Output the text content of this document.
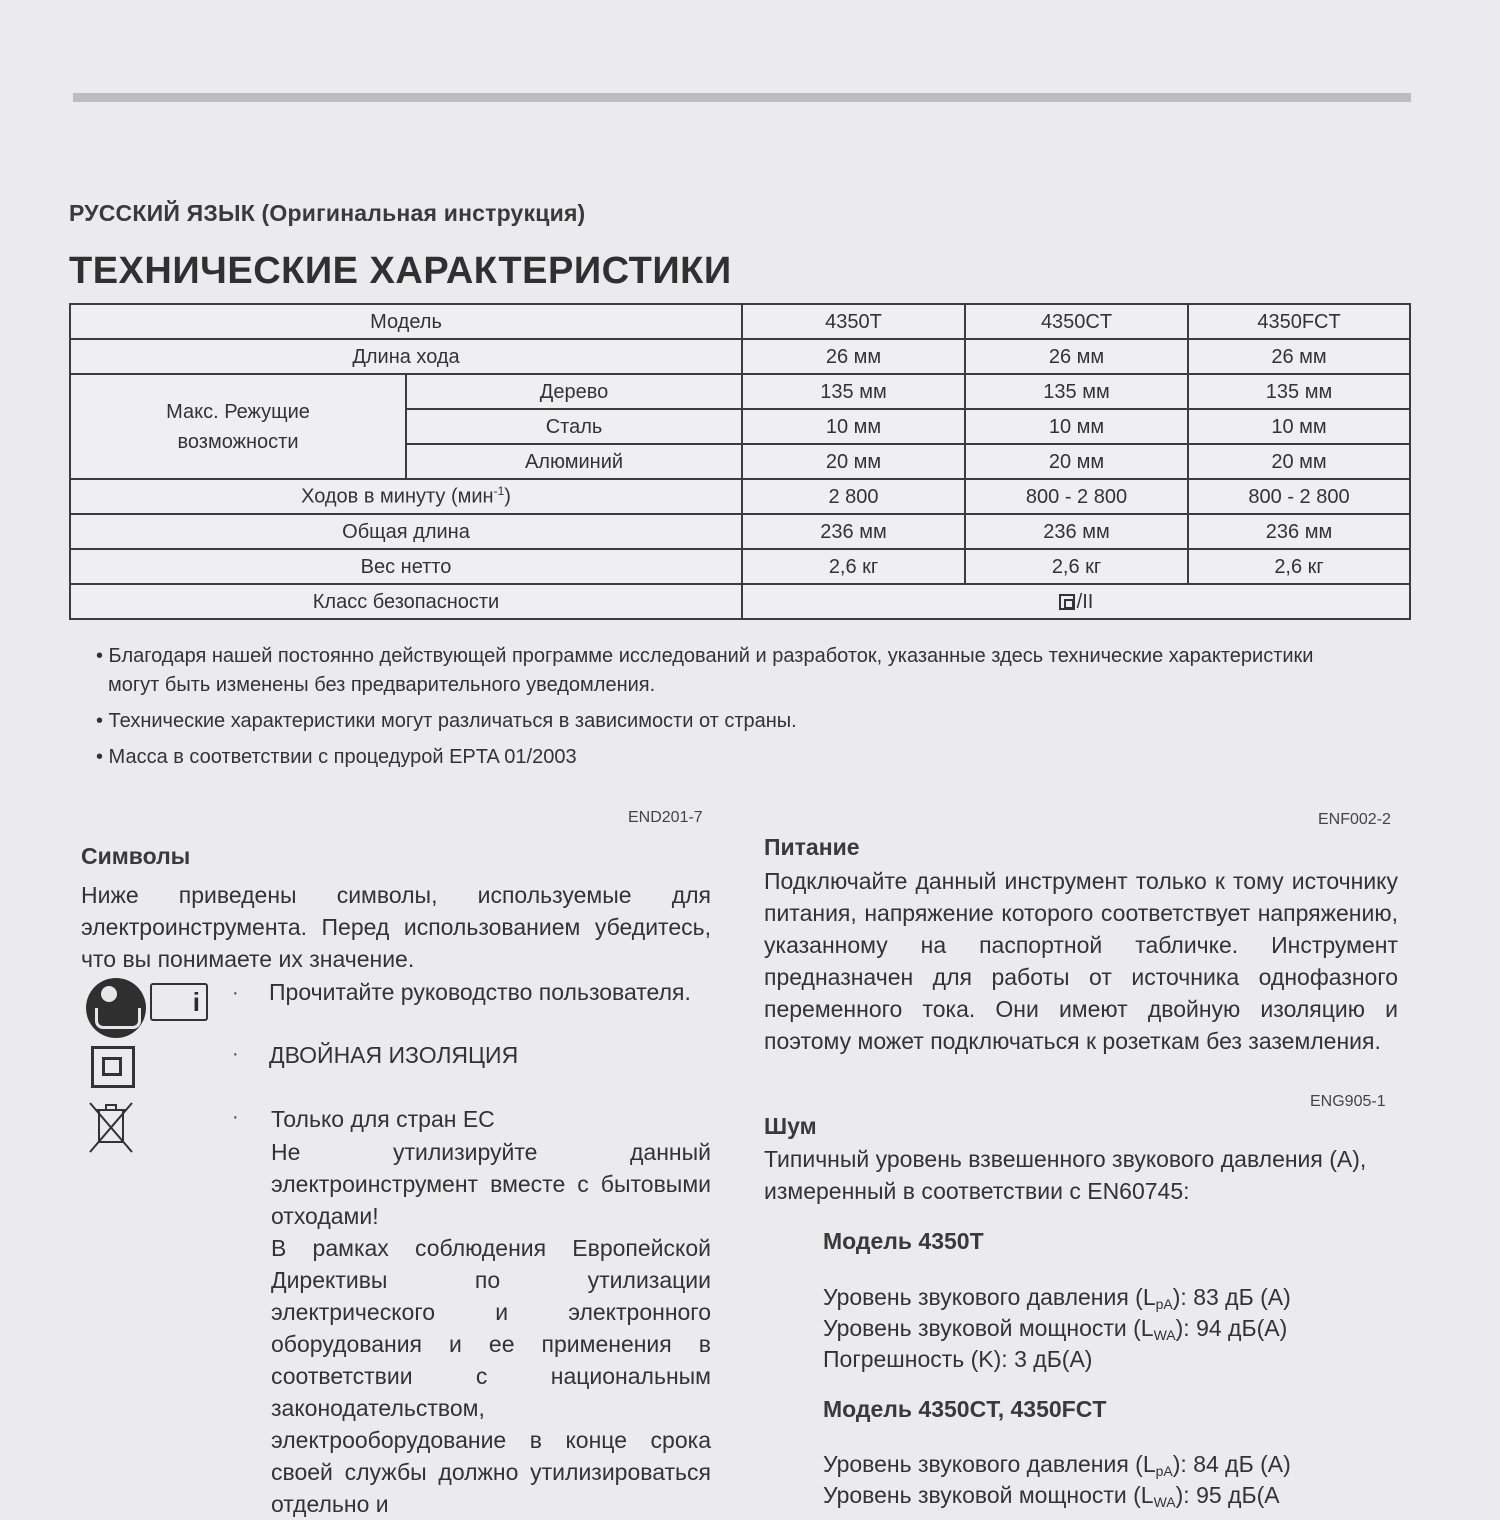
РУССКИЙ ЯЗЫК (Оригинальная инструкция)
ТЕХНИЧЕСКИЕ ХАРАКТЕРИСТИКИ
Модель		4350T	4350CT	4350FCT
Длина хода		26 мм	26 мм	26 мм
Макс. Режущие
возможности	Дерево	135 мм	135 мм	135 мм
	Сталь	10 мм	10 мм	10 мм
	Алюминий	20 мм	20 мм	20 мм
Ходов в минуту (мин$^{-1}$)		2 800	800 - 2 800	800 - 2 800
Общая длина		236 мм	236 мм	236 мм
Вес нетто		2,6 кг	2,6 кг	2,6 кг
Класс безопасности		/II		

• Благодаря нашей постоянно действующей программе исследований и разработок, указанные здесь технические характеристики могут быть изменены без предварительного уведомления.

• Технические характеристики могут различаться в зависимости от страны.

• Масса в соответствии с процедурой EPTA 01/2003

END201-7
Символы
Ниже приведены символы, используемые для электроинструмента. Перед использованием убедитесь, что вы понимаете их значение.
i	· Прочитайте руководство пользователя.
· ДВОЙНАЯ ИЗОЛЯЦИЯ
· Только для стран ЕС
Не утилизируйте данный электроинструмент вместе с бытовыми отходами!
В рамках соблюдения Европейской Директивы по утилизации электрического и электронного оборудования и ее применения в соответствии с национальным законодательством, электрооборудование в конце срока своей службы должно утилизироваться отдельно и
ENF002-2
Питание
Подключайте данный инструмент только к тому источнику питания, напряжение которого соответствует напряжению, указанному на паспортной табличке. Инструмент предназначен для работы от источника однофазного переменного тока. Они имеют двойную изоляцию и поэтому может подключаться к розеткам без заземления.
ENG905-1
Шум
Типичный уровень взвешенного звукового давления (A), измеренный в соответствии с EN60745:
Модель 4350T
Уровень звукового давления $(L_{pA})$: 83 дБ (A)
Уровень звуковой мощности $(L_{WA})$: 94 дБ(A)
Погрешность (K): 3 дБ(A)
Модель 4350CT, 4350FCT
Уровень звукового давления $(L_{pA})$: 84 дБ (A)
Уровень звуковой мощности $(L_{WA})$: 95 дБ(A
